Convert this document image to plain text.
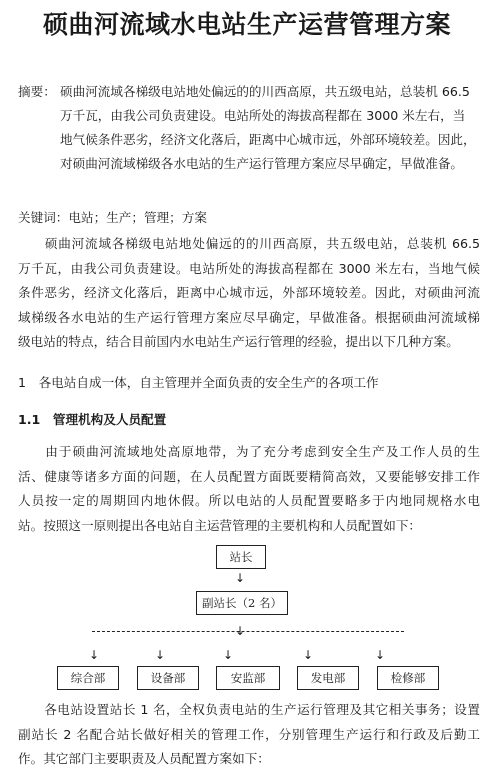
硕曲河流域水电站生产运营管理方案
摘要： 硕曲河流域各梯级电站地处偏远的的川西高原，共五级电站，总装机 66.5
万千瓦，由我公司负责建设。电站所处的海拔高程都在 3000 米左右，当
地气候条件恶劣，经济文化落后，距离中心城市远，外部环境较差。因此，
对硕曲河流域梯级各水电站的生产运行管理方案应尽早确定，早做准备。
关键词：电站；生产；管理；方案
　　硕曲河流域各梯级电站地处偏远的的川西高原，共五级电站，总装机 66.5
万千瓦，由我公司负责建设。电站所处的海拔高程都在 3000 米左右，当地气候
条件恶劣，经济文化落后，距离中心城市远，外部环境较差。因此，对硕曲河流
域梯级各水电站的生产运行管理方案应尽早确定，早做准备。根据硕曲河流域梯
级电站的特点，结合目前国内水电站生产运行管理的经验，提出以下几种方案。
1　各电站自成一体，自主管理并全面负责的安全生产的各项工作
1.1　管理机构及人员配置
　　由于硕曲河流域地处高原地带，为了充分考虑到安全生产及工作人员的生
活、健康等诸多方面的问题，在人员配置方面既要精简高效，又要能够安排工作
人员按一定的周期回内地休假。所以电站的人员配置要略多于内地同规格水电
站。按照这一原则提出各电站自主运营管理的主要机构和人员配置如下：
站长
↓
副站长（2 名）
↓
↓	↓	↓	↓	↓
综合部	设备部	安监部	发电部	检修部
　　各电站设置站长 1 名，全权负责电站的生产运行管理及其它相关事务；设置
副站长 2 名配合站长做好相关的管理工作，分别管理生产运行和行政及后勤工
作。其它部门主要职责及人员配置方案如下：
